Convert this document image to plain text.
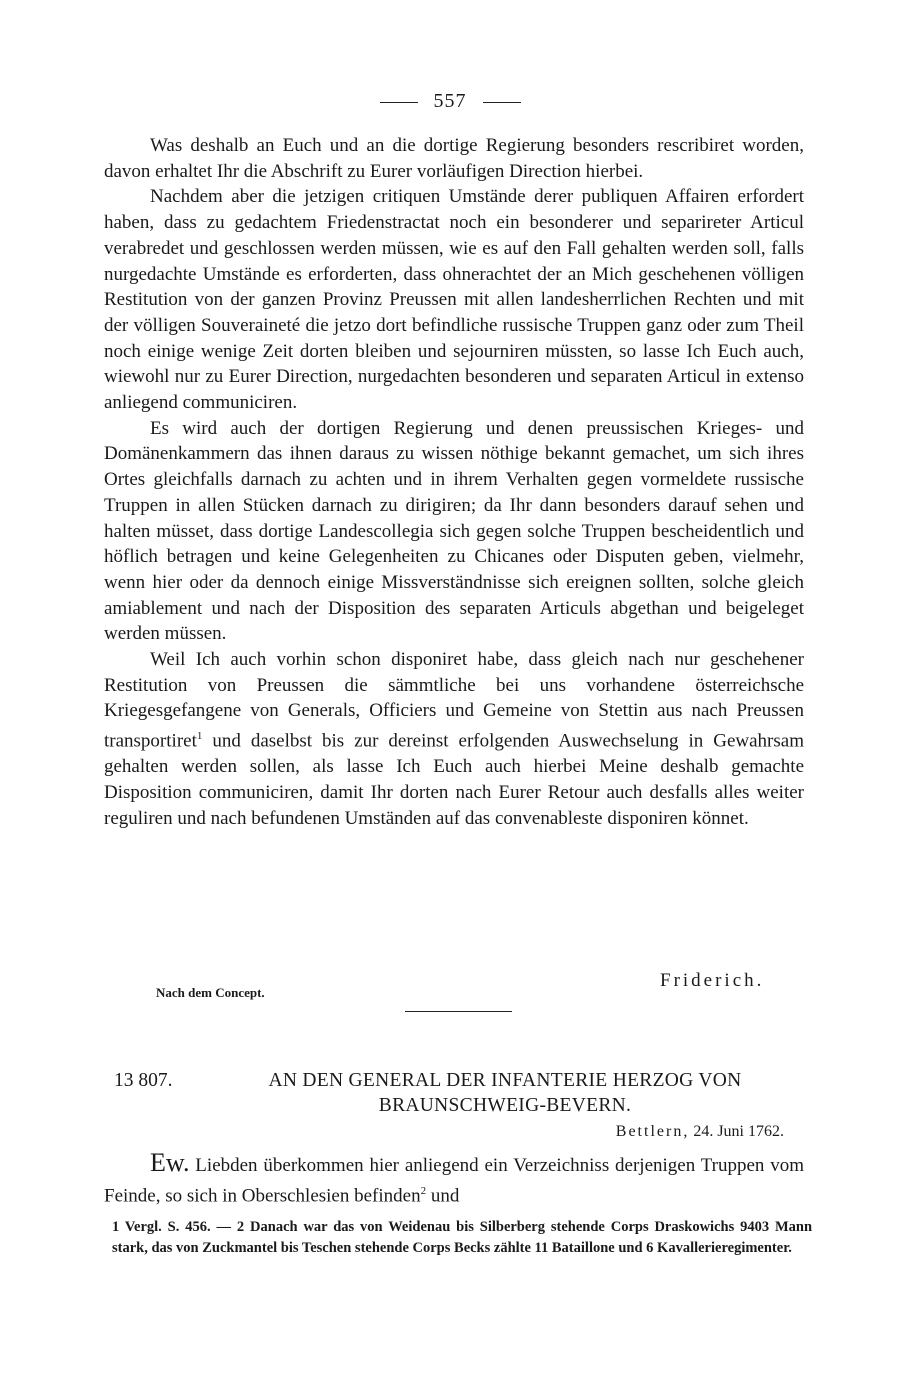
557

Was deshalb an Euch und an die dortige Regierung besonders rescribiret worden, davon erhaltet Ihr die Abschrift zu Eurer vorläufigen Direction hierbei.

Nachdem aber die jetzigen critiquen Umstände derer publiquen Affairen erfordert haben, dass zu gedachtem Friedenstractat noch ein besonderer und separireter Articul verabredet und geschlossen werden müssen, wie es auf den Fall gehalten werden soll, falls nurgedachte Umstände es erforderten, dass ohnerachtet der an Mich geschehenen völligen Restitution von der ganzen Provinz Preussen mit allen landesherrlichen Rechten und mit der völligen Souveraineté die jetzo dort befindliche russische Truppen ganz oder zum Theil noch einige wenige Zeit dorten bleiben und sejourniren müssten, so lasse Ich Euch auch, wiewohl nur zu Eurer Direction, nurgedachten besonderen und separaten Articul in extenso anliegend communiciren.

Es wird auch der dortigen Regierung und denen preussischen Krieges- und Domänenkammern das ihnen daraus zu wissen nöthige bekannt gemachet, um sich ihres Ortes gleichfalls darnach zu achten und in ihrem Verhalten gegen vormeldete russische Truppen in allen Stücken darnach zu dirigiren; da Ihr dann besonders darauf sehen und halten müsset, dass dortige Landescollegia sich gegen solche Truppen bescheidentlich und höflich betragen und keine Gelegenheiten zu Chicanes oder Disputen geben, vielmehr, wenn hier oder da dennoch einige Missverständnisse sich ereignen sollten, solche gleich amiablement und nach der Disposition des separaten Articuls abgethan und beigeleget werden müssen.

Weil Ich auch vorhin schon disponiret habe, dass gleich nach nur geschehener Restitution von Preussen die sämmtliche bei uns vorhandene österreichsche Kriegesgefangene von Generals, Officiers und Gemeine von Stettin aus nach Preussen transportiret$^1$ und daselbst bis zur dereinst erfolgenden Auswechselung in Gewahrsam gehalten werden sollen, als lasse Ich Euch auch hierbei Meine deshalb gemachte Disposition communiciren, damit Ihr dorten nach Eurer Retour auch desfalls alles weiter reguliren und nach befundenen Umständen auf das convenableste disponiren könnet.

Friderich.
Nach dem Concept.
13 807.	AN DEN GENERAL DER INFANTERIE HERZOG VON BRAUNSCHWEIG-BEVERN.
Bettlern, 24. Juni 1762.

Ew. Liebden überkommen hier anliegend ein Verzeichniss derjenigen Truppen vom Feinde, so sich in Oberschlesien befinden$^2$ und

1 Vergl. S. 456. — 2 Danach war das von Weidenau bis Silberberg stehende Corps Draskowichs 9403 Mann stark, das von Zuckmantel bis Teschen stehende Corps Becks zählte 11 Bataillone und 6 Kavallerieregimenter.
